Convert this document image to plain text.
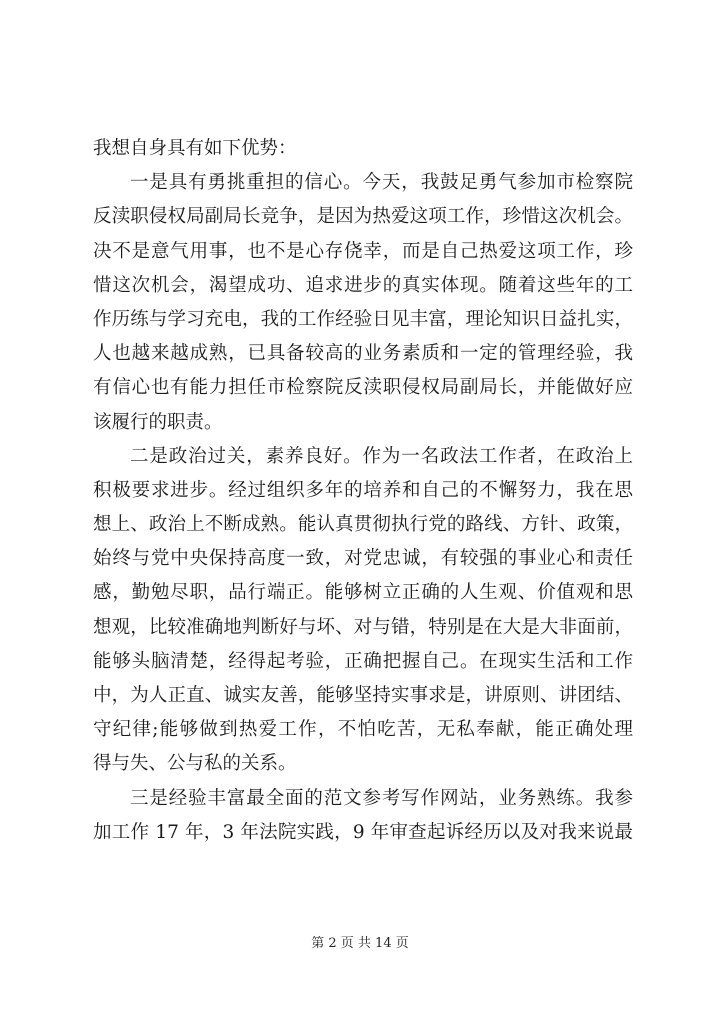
我想自身具有如下优势：
一是具有勇挑重担的信心。今天，我鼓足勇气参加市检察院
反渎职侵权局副局长竞争，是因为热爱这项工作，珍惜这次机会。
决不是意气用事，也不是心存侥幸，而是自己热爱这项工作，珍
惜这次机会，渴望成功、追求进步的真实体现。随着这些年的工
作历练与学习充电，我的工作经验日见丰富，理论知识日益扎实，
人也越来越成熟，已具备较高的业务素质和一定的管理经验，我
有信心也有能力担任市检察院反渎职侵权局副局长，并能做好应
该履行的职责。
二是政治过关，素养良好。作为一名政法工作者，在政治上
积极要求进步。经过组织多年的培养和自己的不懈努力，我在思
想上、政治上不断成熟。能认真贯彻执行党的路线、方针、政策，
始终与党中央保持高度一致，对党忠诚，有较强的事业心和责任
感，勤勉尽职，品行端正。能够树立正确的人生观、价值观和思
想观，比较准确地判断好与坏、对与错，特别是在大是大非面前，
能够头脑清楚，经得起考验，正确把握自己。在现实生活和工作
中，为人正直、诚实友善，能够坚持实事求是，讲原则、讲团结、
守纪律;能够做到热爱工作，不怕吃苦，无私奉献，能正确处理
得与失、公与私的关系。
三是经验丰富最全面的范文参考写作网站，业务熟练。我参
加工作 17 年，3 年法院实践，9 年审查起诉经历以及对我来说最
第 2 页 共 14 页
